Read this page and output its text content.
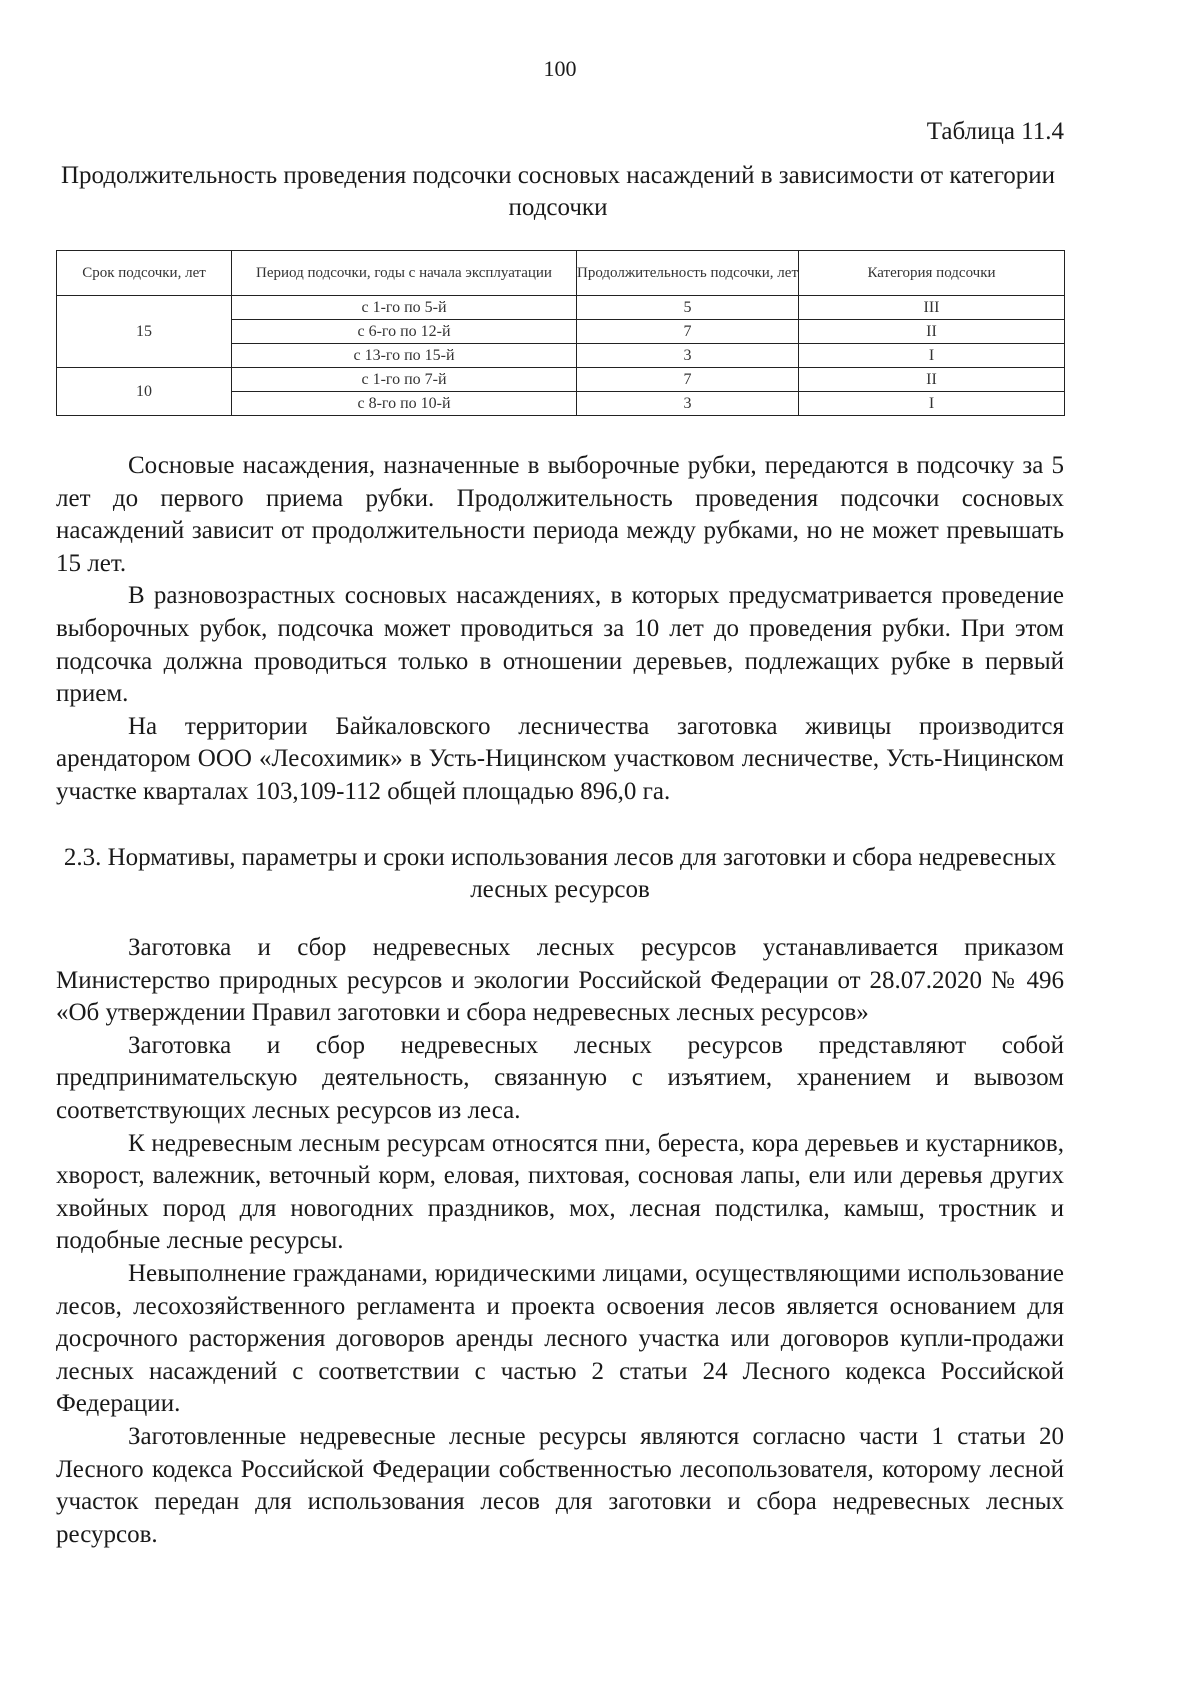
100
Таблица 11.4
Продолжительность проведения подсочки сосновых насаждений в зависимости от категории подсочки
Срок подсочки, лет	Период подсочки, годы с начала эксплуатации	Продолжительность подсочки, лет	Категория подсочки
15	с 1-го по 5-й	5	III
	с 6-го по 12-й	7	II
	с 13-го по 15-й	3	I
10	с 1-го по 7-й	7	II
	с 8-го по 10-й	3	I

Сосновые насаждения, назначенные в выборочные рубки, передаются в подсочку за 5 лет до первого приема рубки. Продолжительность проведения подсочки сосновых насаждений зависит от продолжительности периода между рубками, но не может превышать 15 лет.

В разновозрастных сосновых насаждениях, в которых предусматривается проведение выборочных рубок, подсочка может проводиться за 10 лет до проведения рубки. При этом подсочка должна проводиться только в отношении деревьев, подлежащих рубке в первый прием.

На территории Байкаловского лесничества заготовка живицы производится арендатором ООО «Лесохимик» в Усть-Ницинском участковом лесничестве, Усть-Ницинском участке кварталах 103,109-112 общей площадью 896,0 га.

2.3. Нормативы, параметры и сроки использования лесов для заготовки и сбора недревесных лесных ресурсов

Заготовка и сбор недревесных лесных ресурсов устанавливается приказом Министерство природных ресурсов и экологии Российской Федерации от 28.07.2020 № 496 «Об утверждении Правил заготовки и сбора недревесных лесных ресурсов»

Заготовка и сбор недревесных лесных ресурсов представляют собой предпринимательскую деятельность, связанную с изъятием, хранением и вывозом соответствующих лесных ресурсов из леса.

К недревесным лесным ресурсам относятся пни, береста, кора деревьев и кустарников, хворост, валежник, веточный корм, еловая, пихтовая, сосновая лапы, ели или деревья других хвойных пород для новогодних праздников, мох, лесная подстилка, камыш, тростник и подобные лесные ресурсы.

Невыполнение гражданами, юридическими лицами, осуществляющими использование лесов, лесохозяйственного регламента и проекта освоения лесов является основанием для досрочного расторжения договоров аренды лесного участка или договоров купли-продажи лесных насаждений с соответствии с частью 2 статьи 24 Лесного кодекса Российской Федерации.

Заготовленные недревесные лесные ресурсы являются согласно части 1 статьи 20 Лесного кодекса Российской Федерации собственностью лесопользователя, которому лесной участок передан для использования лесов для заготовки и сбора недревесных лесных ресурсов.
